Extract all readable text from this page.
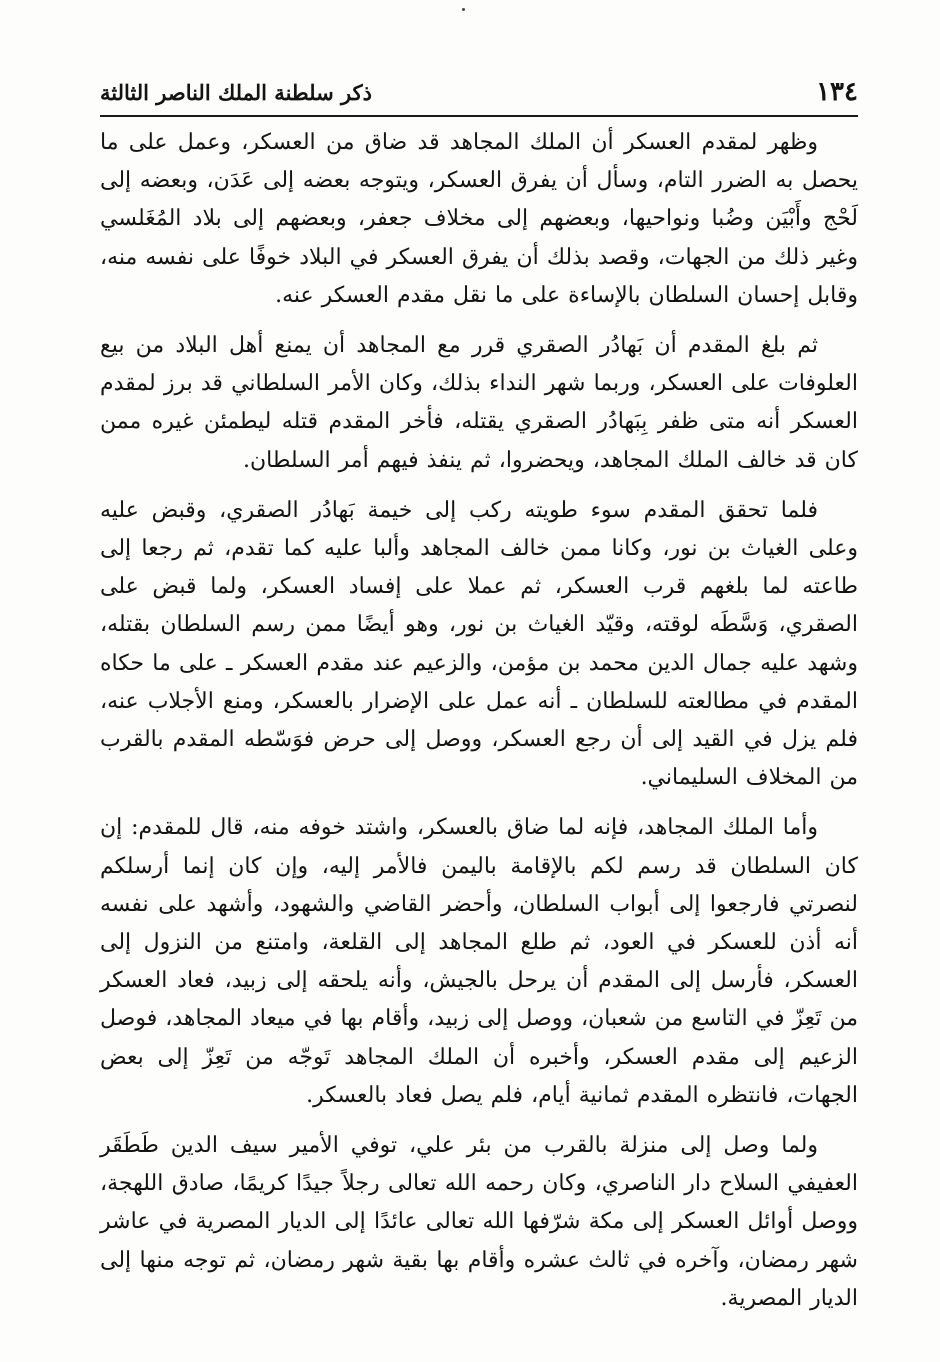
١٣٤
ذكر سلطنة الملك الناصر الثالثة

وظهر لمقدم العسكر أن الملك المجاهد قد ضاق من العسكر، وعمل على ما يحصل به الضرر التام، وسأل أن يفرق العسكر، ويتوجه بعضه إلى عَدَن، وبعضه إلى لَحْج وأَبْيَن وضُبا ونواحيها، وبعضهم إلى مخلاف جعفر، وبعضهم إلى بلاد المُغَلسي وغير ذلك من الجهات، وقصد بذلك أن يفرق العسكر في البلاد خوفًا على نفسه منه، وقابل إحسان السلطان بالإساءة على ما نقل مقدم العسكر عنه.

ثم بلغ المقدم أن بَهادُر الصقري قرر مع المجاهد أن يمنع أهل البلاد من بيع العلوفات على العسكر، وربما شهر النداء بذلك، وكان الأمر السلطاني قد برز لمقدم العسكر أنه متى ظفر بِبَهادُر الصقري يقتله، فأخر المقدم قتله ليطمئن غيره ممن كان قد خالف الملك المجاهد، ويحضروا، ثم ينفذ فيهم أمر السلطان.

فلما تحقق المقدم سوء طويته ركب إلى خيمة بَهادُر الصقري، وقبض عليه وعلى الغياث بن نور، وكانا ممن خالف المجاهد وألبا عليه كما تقدم، ثم رجعا إلى طاعته لما بلغهم قرب العسكر، ثم عملا على إفساد العسكر، ولما قبض على الصقري، وَسَّطَه لوقته، وقيّد الغياث بن نور، وهو أيضًا ممن رسم السلطان بقتله، وشهد عليه جمال الدين محمد بن مؤمن، والزعيم عند مقدم العسكر ـ على ما حكاه المقدم في مطالعته للسلطان ـ أنه عمل على الإضرار بالعسكر، ومنع الأجلاب عنه، فلم يزل في القيد إلى أن رجع العسكر، ووصل إلى حرض فوَسّطه المقدم بالقرب من المخلاف السليماني.

وأما الملك المجاهد، فإنه لما ضاق بالعسكر، واشتد خوفه منه، قال للمقدم: إن كان السلطان قد رسم لكم بالإقامة باليمن فالأمر إليه، وإن كان إنما أرسلكم لنصرتي فارجعوا إلى أبواب السلطان، وأحضر القاضي والشهود، وأشهد على نفسه أنه أذن للعسكر في العود، ثم طلع المجاهد إلى القلعة، وامتنع من النزول إلى العسكر، فأرسل إلى المقدم أن يرحل بالجيش، وأنه يلحقه إلى زبيد، فعاد العسكر من تَعِزّ في التاسع من شعبان، ووصل إلى زبيد، وأقام بها في ميعاد المجاهد، فوصل الزعيم إلى مقدم العسكر، وأخبره أن الملك المجاهد تَوجّه من تَعِزّ إلى بعض الجهات، فانتظره المقدم ثمانية أيام، فلم يصل فعاد بالعسكر.

ولما وصل إلى منزلة بالقرب من بئر علي، توفي الأمير سيف الدين طَطَقَر العفيفي السلاح دار الناصري، وكان رحمه الله تعالى رجلاً جيدًا كريمًا، صادق اللهجة، ووصل أوائل العسكر إلى مكة شرّفها الله تعالى عائدًا إلى الديار المصرية في عاشر شهر رمضان، وآخره في ثالث عشره وأقام بها بقية شهر رمضان، ثم توجه منها إلى الديار المصرية.
